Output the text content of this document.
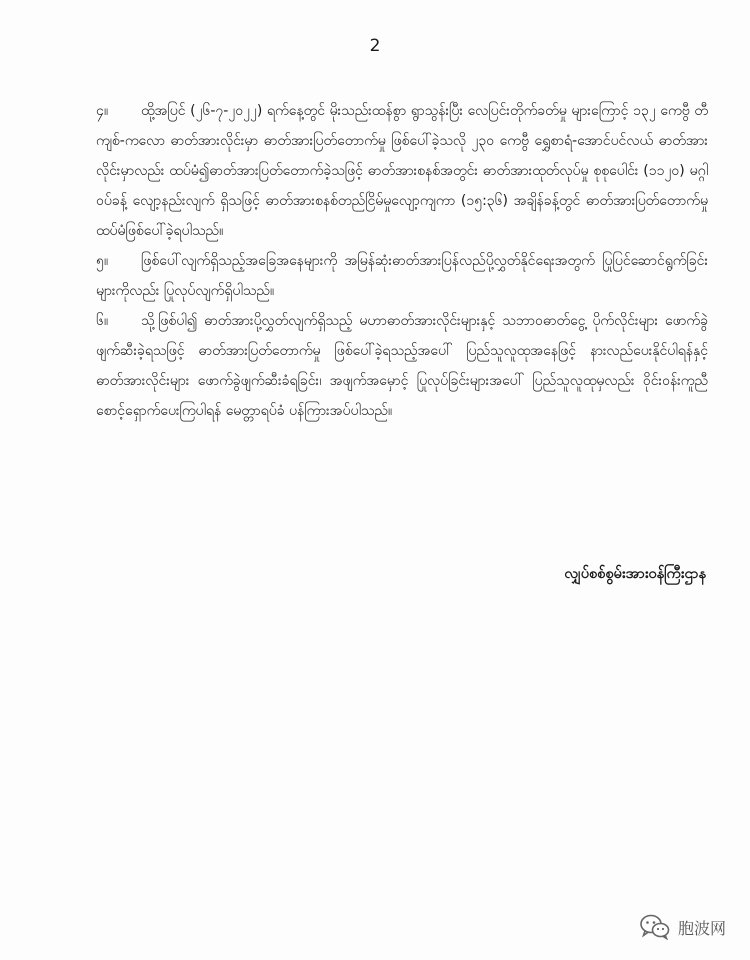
2

၄။ ထို့အပြင် (၂၆-၇-၂၀၂၂) ရက်နေ့တွင် မိုးသည်းထန်စွာ ရွာသွန်းပြီး လေပြင်းတိုက်ခတ်မှု များကြောင့် ၁၃၂ ကေဗွီ တီကျစ်-ကလော ဓာတ်အားလိုင်းမှာ ဓာတ်အားပြတ်တောက်မှု ဖြစ်ပေါ်ခဲ့သလို ၂၃၀ ကေဗွီ ရွှေစာရံ-အောင်ပင်လယ် ဓာတ်အားလိုင်းမှာလည်း ထပ်မံ၍ဓာတ်အားပြတ်တောက်ခဲ့သဖြင့် ဓာတ်အားစနစ်အတွင်း ဓာတ်အားထုတ်လုပ်မှု စုစုပေါင်း (၁၁၂၀) မဂ္ဂါဝပ်ခန့် လျော့နည်းလျက် ရှိသဖြင့် ဓာတ်အားစနစ်တည်ငြိမ်မှုလျော့ကျကာ (၁၅:၃၆) အချိန်ခန့်တွင် ဓာတ်အားပြတ်တောက်မှု ထပ်မံဖြစ်ပေါ်ခဲ့ရပါသည်။

၅။ ဖြစ်ပေါ်လျက်ရှိသည့်အခြေအနေများကို အမြန်ဆုံးဓာတ်အားပြန်လည်ပို့လွှတ်နိုင်ရေးအတွက် ပြုပြင်ဆောင်ရွက်ခြင်းများကိုလည်း ပြုလုပ်လျက်ရှိပါသည်။

၆။ သို့ဖြစ်ပါ၍ ဓာတ်အားပို့လွှတ်လျက်ရှိသည့် မဟာဓာတ်အားလိုင်းများနှင့် သဘာဝဓာတ်ငွေ့ ပိုက်လိုင်းများ ဖောက်ခွဲဖျက်ဆီးခဲ့ရသဖြင့် ဓာတ်အားပြတ်တောက်မှု ဖြစ်ပေါ်ခဲ့ရသည့်အပေါ် ပြည်သူလူထုအနေဖြင့် နားလည်ပေးနိုင်ပါရန်နှင့် ဓာတ်အားလိုင်းများ ဖောက်ခွဲဖျက်ဆီးခံရခြင်း၊ အဖျက်အမှောင့် ပြုလုပ်ခြင်းများအပေါ် ပြည်သူလူထုမှလည်း ဝိုင်းဝန်းကူညီစောင့်ရှောက်ပေးကြပါရန် မေတ္တာရပ်ခံ ပန်ကြားအပ်ပါသည်။

လျှပ်စစ်စွမ်းအားဝန်ကြီးဌာန
胞波网
